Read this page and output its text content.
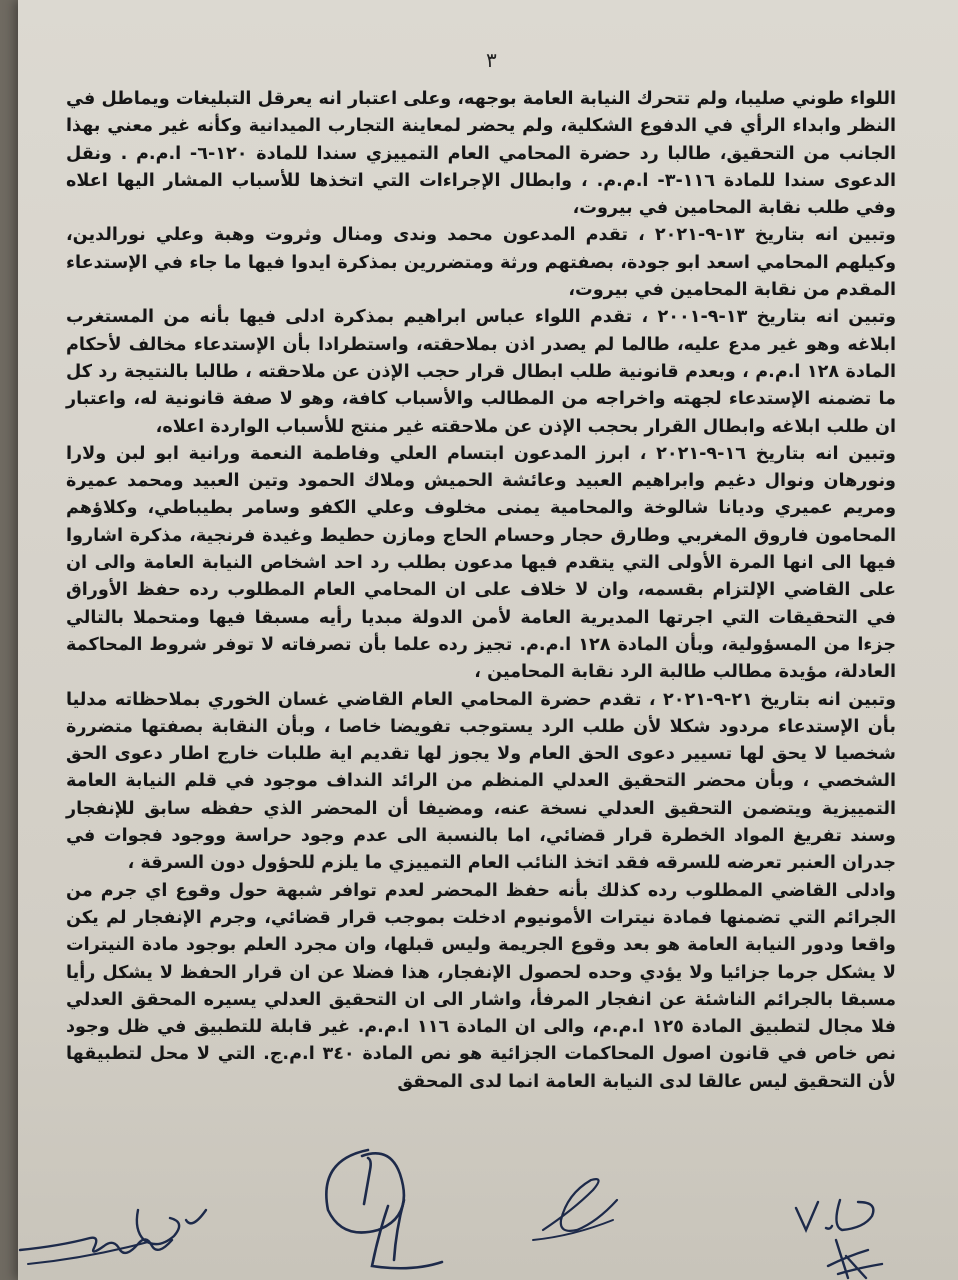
٣

اللواء طوني صليبا، ولم تتحرك النيابة العامة بوجهه، وعلى اعتبار انه يعرقل التبليغات ويماطل في النظر وابداء الرأي في الدفوع الشكلية، ولم يحضر لمعاينة التجارب الميدانية وكأنه غير معني بهذا الجانب من التحقيق، طالبا رد حضرة المحامي العام التمييزي سندا للمادة ١٢٠-٦- ا.م.م . ونقل الدعوى سندا للمادة ١١٦-٣- ا.م.م. ، وابطال الإجراءات التي اتخذها للأسباب المشار اليها اعلاه وفي طلب نقابة المحامين في بيروت،

وتبين انه بتاريخ ١٣-٩-٢٠٢١ ، تقدم المدعون محمد وندى ومنال وثروت وهبة وعلي نورالدين، وكيلهم المحامي اسعد ابو جودة، بصفتهم ورثة ومتضررين بمذكرة ايدوا فيها ما جاء في الإستدعاء المقدم من نقابة المحامين في بيروت،

وتبين انه بتاريخ ١٣-٩-٢٠٠١ ، تقدم اللواء عباس ابراهيم بمذكرة ادلى فيها بأنه من المستغرب ابلاغه وهو غير مدع عليه، طالما لم يصدر اذن بملاحقته، واستطرادا بأن الإستدعاء مخالف لأحكام المادة ١٢٨ ا.م.م ، وبعدم قانونية طلب ابطال قرار حجب الإذن عن ملاحقته ، طالبا بالنتيجة رد كل ما تضمنه الإستدعاء لجهته واخراجه من المطالب والأسباب كافة، وهو لا صفة قانونية له، واعتبار ان طلب ابلاغه وابطال القرار بحجب الإذن عن ملاحقته غير منتج للأسباب الواردة اعلاه،

وتبين انه بتاريخ ١٦-٩-٢٠٢١ ، ابرز المدعون ابتسام العلي وفاطمة النعمة ورانية ابو لبن ولارا ونورهان ونوال دغيم وابراهيم العبيد وعائشة الحميش وملاك الحمود وتين العبيد ومحمد عميرة ومريم عميري وديانا شالوخة والمحامية يمنى مخلوف وعلي الكفو وسامر بطيباطي، وكلاؤهم المحامون فاروق المغربي وطارق حجار وحسام الحاج ومازن حطيط وغيدة فرنجية، مذكرة اشاروا فيها الى انها المرة الأولى التي يتقدم فيها مدعون بطلب رد احد اشخاص النيابة العامة والى ان على القاضي الإلتزام بقسمه، وان لا خلاف على ان المحامي العام المطلوب رده حفظ الأوراق في التحقيقات التي اجرتها المديرية العامة لأمن الدولة مبديا رأيه مسبقا فيها ومتحملا بالتالي جزءا من المسؤولية، وبأن المادة ١٢٨ ا.م.م. تجيز رده علما بأن تصرفاته لا توفر شروط المحاكمة العادلة، مؤيدة مطالب طالبة الرد نقابة المحامين ،

وتبين انه بتاريخ ٢١-٩-٢٠٢١ ، تقدم حضرة المحامي العام القاضي غسان الخوري بملاحظاته مدليا بأن الإستدعاء مردود شكلا لأن طلب الرد يستوجب تفويضا خاصا ، وبأن النقابة بصفتها متضررة شخصيا لا يحق لها تسيير دعوى الحق العام ولا يجوز لها تقديم اية طلبات خارج اطار دعوى الحق الشخصي ، وبأن محضر التحقيق العدلي المنظم من الرائد النداف موجود في قلم النيابة العامة التمييزية ويتضمن التحقيق العدلي نسخة عنه، ومضيفا أن المحضر الذي حفظه سابق للإنفجار وسند تفريغ المواد الخطرة قرار قضائي، اما بالنسبة الى عدم وجود حراسة ووجود فجوات في جدران العنبر تعرضه للسرقه فقد اتخذ النائب العام التمييزي ما يلزم للحؤول دون السرقة ،

وادلى القاضي المطلوب رده كذلك بأنه حفظ المحضر لعدم توافر شبهة حول وقوع اي جرم من الجرائم التي تضمنها فمادة نيترات الأمونيوم ادخلت بموجب قرار قضائي، وجرم الإنفجار لم يكن واقعا ودور النيابة العامة هو بعد وقوع الجريمة وليس قبلها، وان مجرد العلم بوجود مادة النيترات لا يشكل جرما جزائيا ولا يؤدي وحده لحصول الإنفجار، هذا فضلا عن ان قرار الحفظ لا يشكل رأيا مسبقا بالجرائم الناشئة عن انفجار المرفأ، واشار الى ان التحقيق العدلي يسيره المحقق العدلي فلا مجال لتطبيق المادة ١٢٥ ا.م.م، والى ان المادة ١١٦ ا.م.م. غير قابلة للتطبيق في ظل وجود نص خاص في قانون اصول المحاكمات الجزائية هو نص المادة ٣٤٠ ا.م.ج. التي لا محل لتطبيقها لأن التحقيق ليس عالقا لدى النيابة العامة انما لدى المحقق
